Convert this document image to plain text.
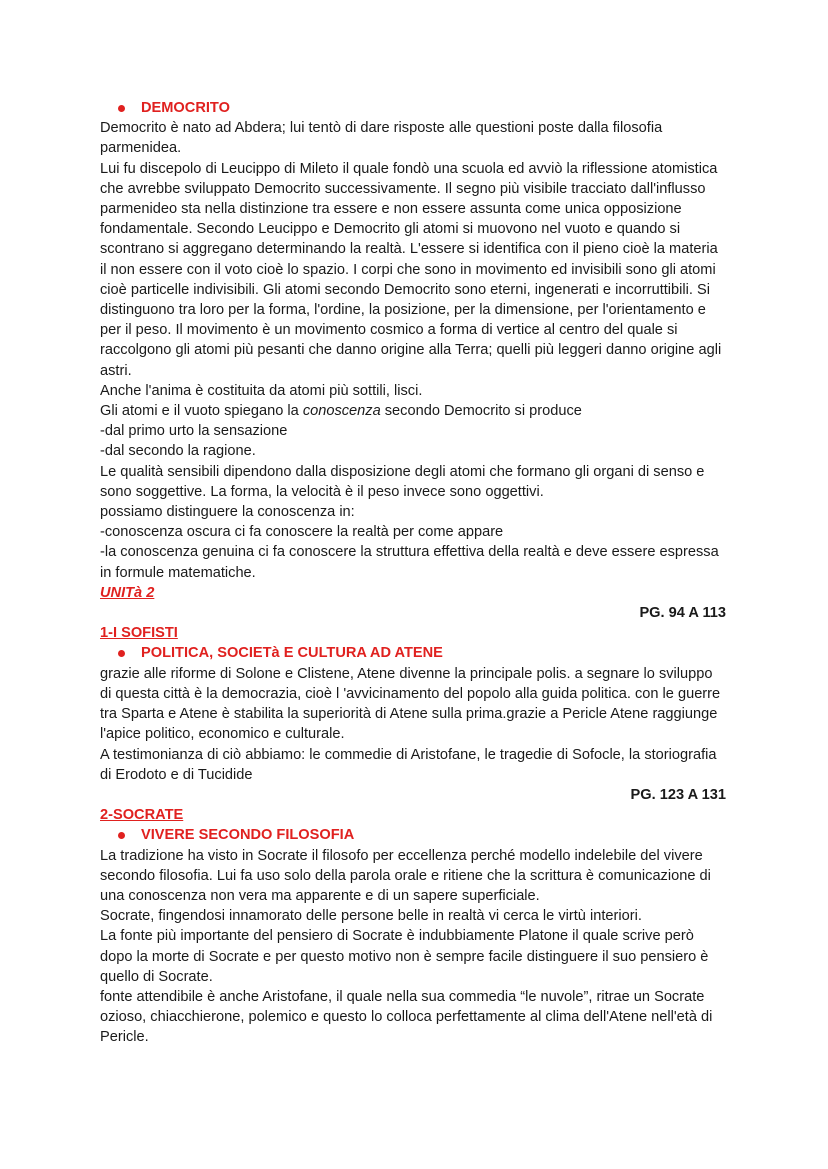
DEMOCRITO

Democrito è nato ad Abdera; lui tentò di dare risposte alle questioni poste dalla filosofia parmenidea.

Lui fu discepolo di Leucippo di Mileto il quale fondò una scuola ed avviò la riflessione atomistica che avrebbe sviluppato Democrito successivamente. Il segno più visibile tracciato dall'influsso parmenideo sta nella distinzione tra essere e non essere assunta come unica opposizione fondamentale. Secondo Leucippo e Democrito gli atomi si muovono nel vuoto e quando si scontrano si aggregano determinando la realtà. L'essere si identifica con il pieno cioè la materia il non essere con il voto cioè lo spazio. I corpi che sono in movimento ed invisibili sono gli atomi cioè particelle indivisibili. Gli atomi secondo Democrito sono eterni, ingenerati e incorruttibili. Si distinguono tra loro per la forma, l'ordine, la posizione, per la dimensione, per l'orientamento e per il peso. Il movimento è un movimento cosmico a forma di vertice al centro del quale si raccolgono gli atomi più pesanti che danno origine alla Terra; quelli più leggeri danno origine agli astri.

Anche l'anima è costituita da atomi più sottili, lisci.

Gli atomi e il vuoto spiegano la conoscenza secondo Democrito si produce

-dal primo urto la sensazione

-dal secondo la ragione.

Le qualità sensibili dipendono dalla disposizione degli atomi che formano gli organi di senso e sono soggettive. La forma, la velocità è il peso invece sono oggettivi.

possiamo distinguere la conoscenza in:

-conoscenza oscura ci fa conoscere la realtà per come appare

-la conoscenza genuina ci fa conoscere la struttura effettiva della realtà e deve essere espressa in formule matematiche.

UNITà 2
PG. 94 A 113
1-I SOFISTI
POLITICA, SOCIETà E CULTURA AD ATENE

grazie alle riforme di Solone e Clistene, Atene divenne la principale polis. a segnare lo sviluppo di questa città è la democrazia, cioè l 'avvicinamento del popolo alla guida politica. con le guerre tra Sparta e Atene è stabilita la superiorità di Atene sulla prima.grazie a Pericle Atene raggiunge l'apice politico, economico e culturale.

A testimonianza di ciò abbiamo: le commedie di Aristofane, le tragedie di Sofocle, la storiografia di Erodoto e di Tucidide

PG. 123 A 131
2-SOCRATE
VIVERE SECONDO FILOSOFIA

La tradizione ha visto in Socrate il filosofo per eccellenza perché modello indelebile del vivere secondo filosofia. Lui fa uso solo della parola orale e ritiene che la scrittura è comunicazione di una conoscenza non vera ma apparente e di un sapere superficiale.

Socrate, fingendosi innamorato delle persone belle in realtà vi cerca le virtù interiori.

La fonte più importante del pensiero di Socrate è indubbiamente Platone il quale scrive però dopo la morte di Socrate e per questo motivo non è sempre facile distinguere il suo pensiero è quello di Socrate.

fonte attendibile è anche Aristofane, il quale nella sua commedia “le nuvole”, ritrae un Socrate ozioso, chiacchierone, polemico e questo lo colloca perfettamente al clima dell'Atene nell'età di Pericle.
